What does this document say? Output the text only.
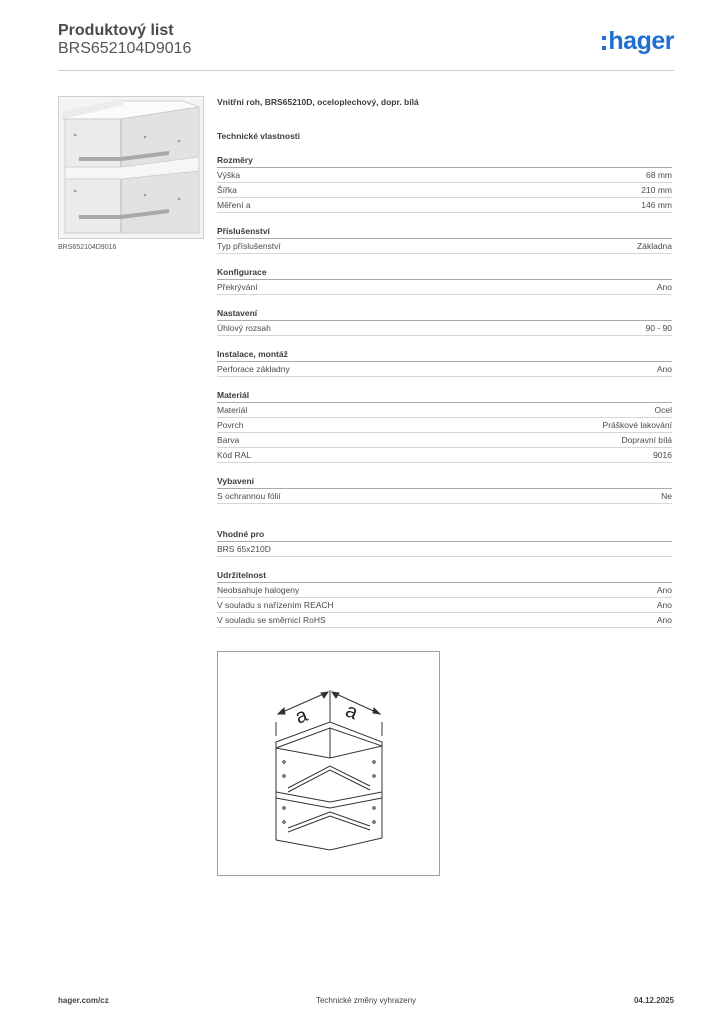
Produktový list
BRS652104D9016	hager
BRS652104D9016
Vnitřní roh, BRS65210D, oceloplechový, dopr. bílá
Technické vlastnosti
Rozměry
Výška	68 mm
Šířka	210 mm
Měření a	146 mm
Příslušenství
Typ příslušenství	Základna
Konfigurace
Překrývání	Ano
Nastavení
Úhlový rozsah	90 - 90
Instalace, montáž
Perforace základny	Ano
Materiál
Materiál	Ocel
Povrch	Práškové lakování
Barva	Dopravní bílá
Kód RAL	9016
Vybavení
S ochrannou fólií	Ne
Vhodné pro
BRS 65x210D
Udržitelnost
Neobsahuje halogeny	Ano
V souladu s nařízením REACH	Ano
V souladu se směrnicí RoHS	Ano
a a
hager.com/cz	Technické změny vyhrazeny	04.12.2025
